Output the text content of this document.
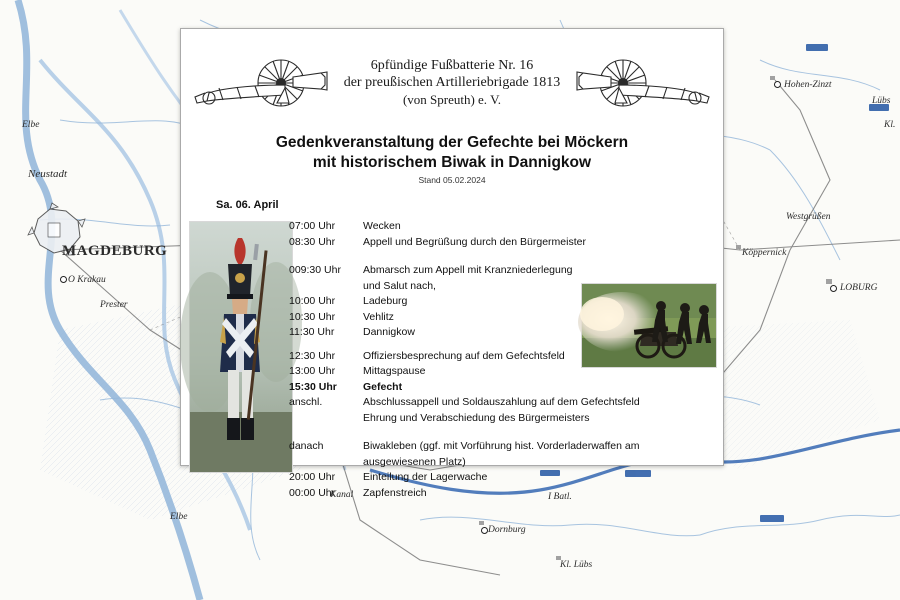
Neustadt
MAGDEBURG
Elbe
Elbe
O Krakau
Prester
Dornburg
Kl. Lübs
I Batl.
Hohen-Zinzt
Lübs
Kl.
Westgrüßen
Köppernick
LOBURG
Kanal
6pfündige Fußbatterie Nr. 16
der preußischen Artilleriebrigade 1813
(von Spreuth) e. V.
Gedenkveranstaltung der Gefechte bei Möckern
mit historischem Biwak in Dannigkow
Stand 05.02.2024
Sa. 06. April
07:00 Uhr	Wecken
08:30 Uhr	Appell und Begrüßung durch den Bürgermeister
009:30 Uhr	Abmarsch zum Appell mit Kranzniederlegung
und Salut nach,
10:00 Uhr	Ladeburg
10:30 Uhr	Vehlitz
11:30 Uhr	Dannigkow
12:30 Uhr	Offiziersbesprechung auf dem Gefechtsfeld
13:00 Uhr	Mittagspause
15:30 Uhr	Gefecht
anschl.	Abschlussappell und Soldauszahlung auf dem Gefechtsfeld
Ehrung und Verabschiedung des Bürgermeisters
danach	Biwakleben (ggf. mit Vorführung hist. Vorderladerwaffen am
ausgewiesenen Platz)
20:00 Uhr	Einteilung der Lagerwache
00:00 Uhr	Zapfenstreich
